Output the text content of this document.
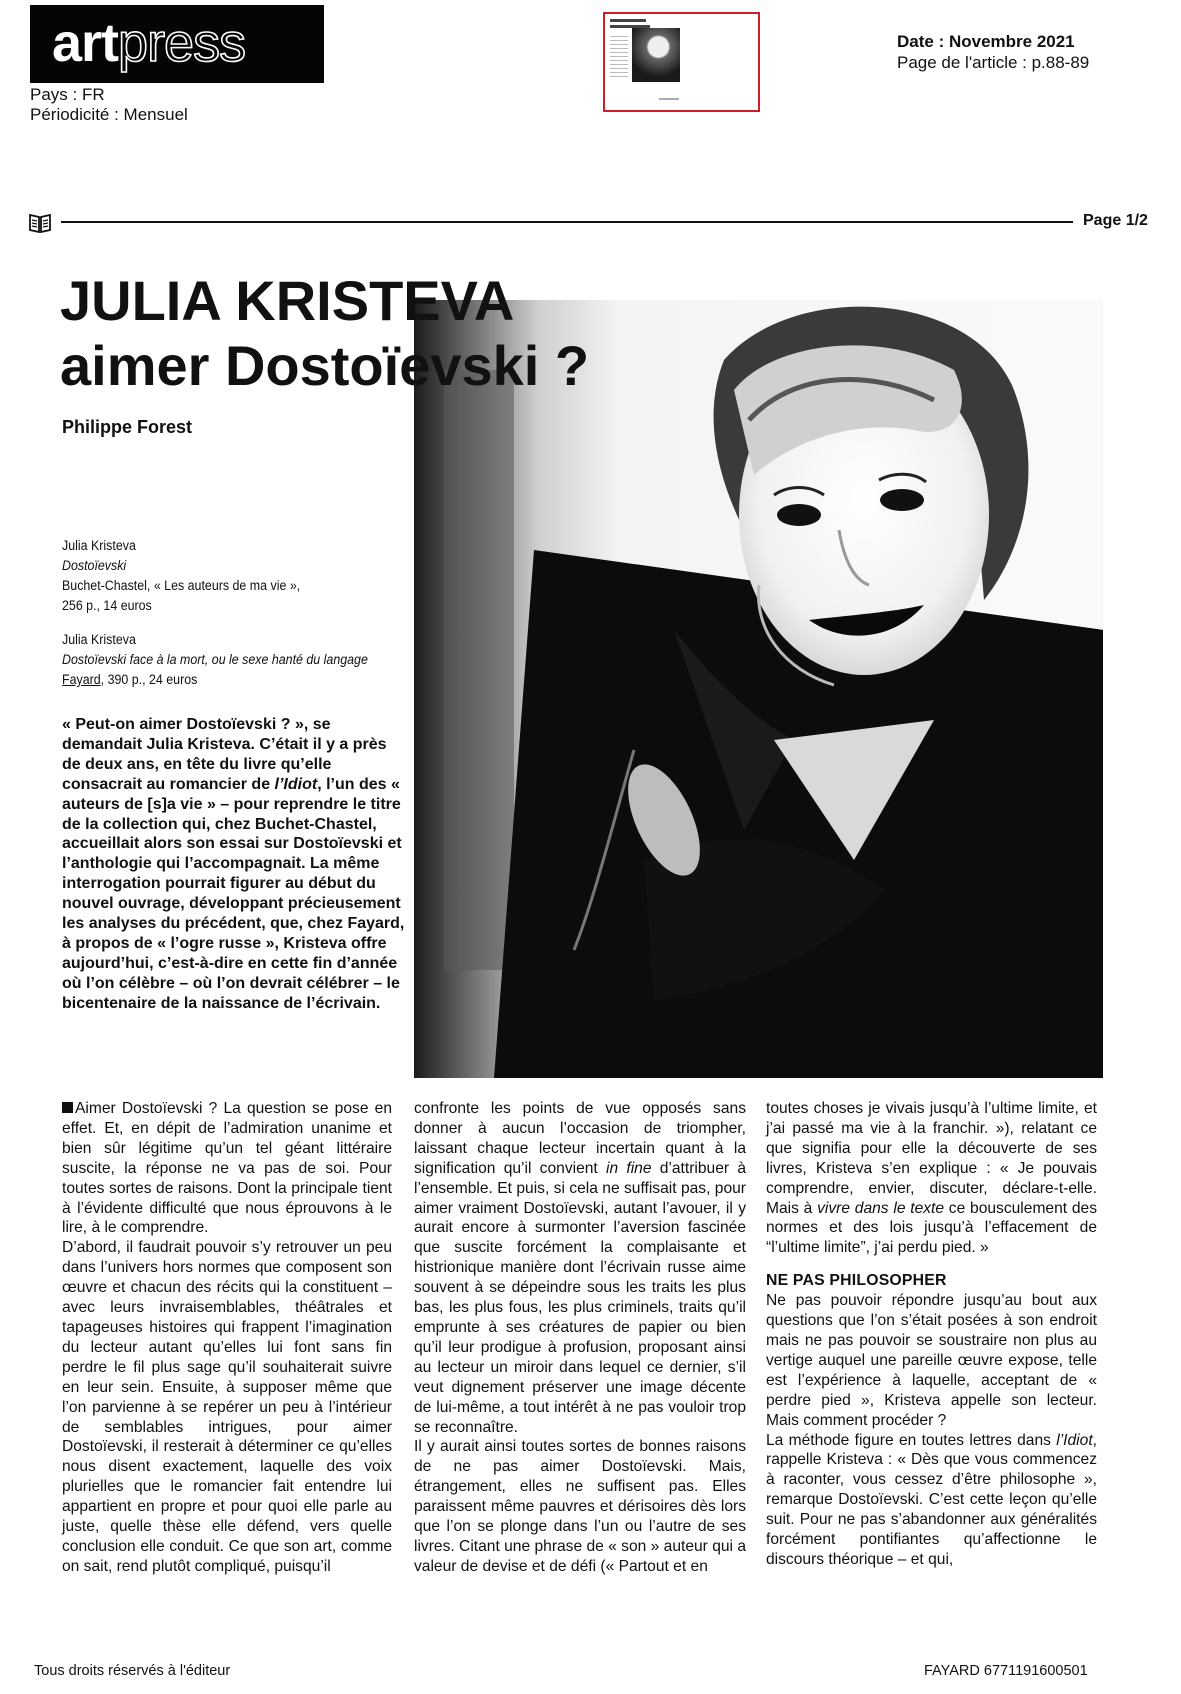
artpress
Pays : FR
Périodicité : Mensuel
Date : Novembre 2021
Page de l'article : p.88-89
Page 1/2
JULIA KRISTEVA
aimer Dostoïevski ?
Philippe Forest
Julia Kristeva
Dostoïevski
Buchet-Chastel, « Les auteurs de ma vie »,
256 p., 14 euros
Julia Kristeva
Dostoïevski face à la mort, ou le sexe hanté du langage
Fayard, 390 p., 24 euros
« Peut-on aimer Dostoïevski ? », se demandait Julia Kristeva. C’était il y a près de deux ans, en tête du livre qu’elle consacrait au romancier de l’Idiot, l’un des « auteurs de [s]a vie » – pour reprendre le titre de la collection qui, chez Buchet-Chastel, accueillait alors son essai sur Dostoïevski et l’anthologie qui l’accompagnait. La même interrogation pourrait figurer au début du nouvel ouvrage, développant précieusement les analyses du précédent, que, chez Fayard, à propos de « l’ogre russe », Kristeva offre aujourd’hui, c’est-à-dire en cette fin d’année où l’on célèbre – où l’on devrait célébrer – le bicentenaire de la naissance de l’écrivain.

Aimer Dostoïevski ? La question se pose en effet. Et, en dépit de l’admiration unanime et bien sûr légitime qu’un tel géant littéraire suscite, la réponse ne va pas de soi. Pour toutes sortes de raisons. Dont la principale tient à l’évidente difficulté que nous éprouvons à le lire, à le comprendre.

D’abord, il faudrait pouvoir s’y retrouver un peu dans l’univers hors normes que composent son œuvre et chacun des récits qui la constituent – avec leurs invraisemblables, théâtrales et tapageuses histoires qui frappent l’imagination du lecteur autant qu’elles lui font sans fin perdre le fil plus sage qu’il souhaiterait suivre en leur sein. Ensuite, à supposer même que l’on parvienne à se repérer un peu à l’intérieur de semblables intrigues, pour aimer Dostoïevski, il resterait à déterminer ce qu’elles nous disent exactement, laquelle des voix plurielles que le romancier fait entendre lui appartient en propre et pour quoi elle parle au juste, quelle thèse elle défend, vers quelle conclusion elle conduit. Ce que son art, comme on sait, rend plutôt compliqué, puisqu’il

confronte les points de vue opposés sans donner à aucun l’occasion de triompher, laissant chaque lecteur incertain quant à la signification qu’il convient in fine d’attribuer à l’ensemble. Et puis, si cela ne suffisait pas, pour aimer vraiment Dostoïevski, autant l’avouer, il y aurait encore à surmonter l’aversion fascinée que suscite forcément la complaisante et histrionique manière dont l’écrivain russe aime souvent à se dépeindre sous les traits les plus bas, les plus fous, les plus criminels, traits qu’il emprunte à ses créatures de papier ou bien qu’il leur prodigue à profusion, proposant ainsi au lecteur un miroir dans lequel ce dernier, s’il veut dignement préserver une image décente de lui-même, a tout intérêt à ne pas vouloir trop se reconnaître.

Il y aurait ainsi toutes sortes de bonnes raisons de ne pas aimer Dostoïevski. Mais, étrangement, elles ne suffisent pas. Elles paraissent même pauvres et dérisoires dès lors que l’on se plonge dans l’un ou l’autre de ses livres. Citant une phrase de « son » auteur qui a valeur de devise et de défi (« Partout et en

toutes choses je vivais jusqu’à l’ultime limite, et j’ai passé ma vie à la franchir. »), relatant ce que signifia pour elle la découverte de ses livres, Kristeva s’en explique : « Je pouvais comprendre, envier, discuter, déclare-t-elle. Mais à vivre dans le texte ce bousculement des normes et des lois jusqu’à l’effacement de “l’ultime limite”, j’ai perdu pied. »

NE PAS PHILOSOPHER

Ne pas pouvoir répondre jusqu’au bout aux questions que l’on s’était posées à son endroit mais ne pas pouvoir se soustraire non plus au vertige auquel une pareille œuvre expose, telle est l’expérience à laquelle, acceptant de « perdre pied », Kristeva appelle son lecteur. Mais comment procéder ?

La méthode figure en toutes lettres dans l’Idiot, rappelle Kristeva : « Dès que vous commencez à raconter, vous cessez d’être philosophe », remarque Dostoïevski. C’est cette leçon qu’elle suit. Pour ne pas s’abandonner aux généralités forcément pontifiantes qu’affectionne le discours théorique – et qui,

Tous droits réservés à l'éditeur	FAYARD 6771191600501
